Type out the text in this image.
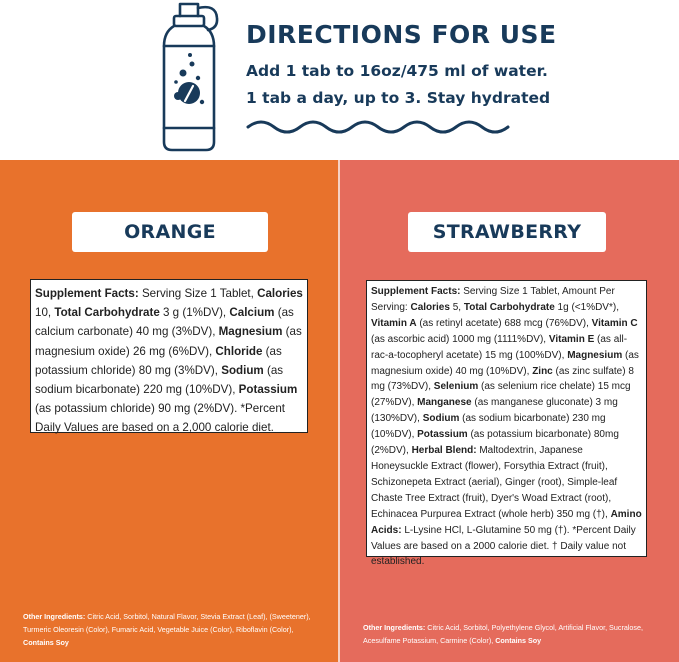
DIRECTIONS FOR USE
Add 1 tab to 16oz/475 ml of water.
1 tab a day, up to 3. Stay hydrated
ORANGE
Supplement Facts: Serving Size 1 Tablet, Calories 10, Total Carbohydrate 3 g (1%DV), Calcium (as calcium carbonate) 40 mg (3%DV), Magnesium (as magnesium oxide) 26 mg (6%DV), Chloride (as potassium chloride) 80 mg (3%DV), Sodium (as sodium bicarbonate) 220 mg (10%DV), Potassium (as potassium chloride) 90 mg (2%DV). *Percent Daily Values are based on a 2,000 calorie diet.
Other Ingredients: Citric Acid, Sorbitol, Natural Flavor, Stevia Extract (Leaf), (Sweetener), Turmeric Oleoresin (Color), Fumaric Acid, Vegetable Juice (Color), Riboflavin (Color), Contains Soy
STRAWBERRY
Supplement Facts: Serving Size 1 Tablet, Amount Per Serving: Calories 5, Total Carbohydrate 1g (<1%DV*), Vitamin A (as retinyl acetate) 688 mcg (76%DV), Vitamin C (as ascorbic acid) 1000 mg (1111%DV), Vitamin E (as all-rac-a-tocopheryl acetate) 15 mg (100%DV), Magnesium (as magnesium oxide) 40 mg (10%DV), Zinc (as zinc sulfate) 8 mg (73%DV), Selenium (as selenium rice chelate) 15 mcg (27%DV), Manganese (as manganese gluconate) 3 mg (130%DV), Sodium (as sodium bicarbonate) 230 mg (10%DV), Potassium (as potassium bicarbonate) 80mg (2%DV), Herbal Blend: Maltodextrin, Japanese Honeysuckle Extract (flower), Forsythia Extract (fruit), Schizonepeta Extract (aerial), Ginger (root), Simple-leaf Chaste Tree Extract (fruit), Dyer's Woad Extract (root), Echinacea Purpurea Extract (whole herb) 350 mg (†), Amino Acids: L-Lysine HCl, L-Glutamine 50 mg (†). *Percent Daily Values are based on a 2000 calorie diet. † Daily value not established.
Other Ingredients: Citric Acid, Sorbitol, Polyethylene Glycol, Artificial Flavor, Sucralose, Acesulfame Potassium, Carmine (Color), Contains Soy
